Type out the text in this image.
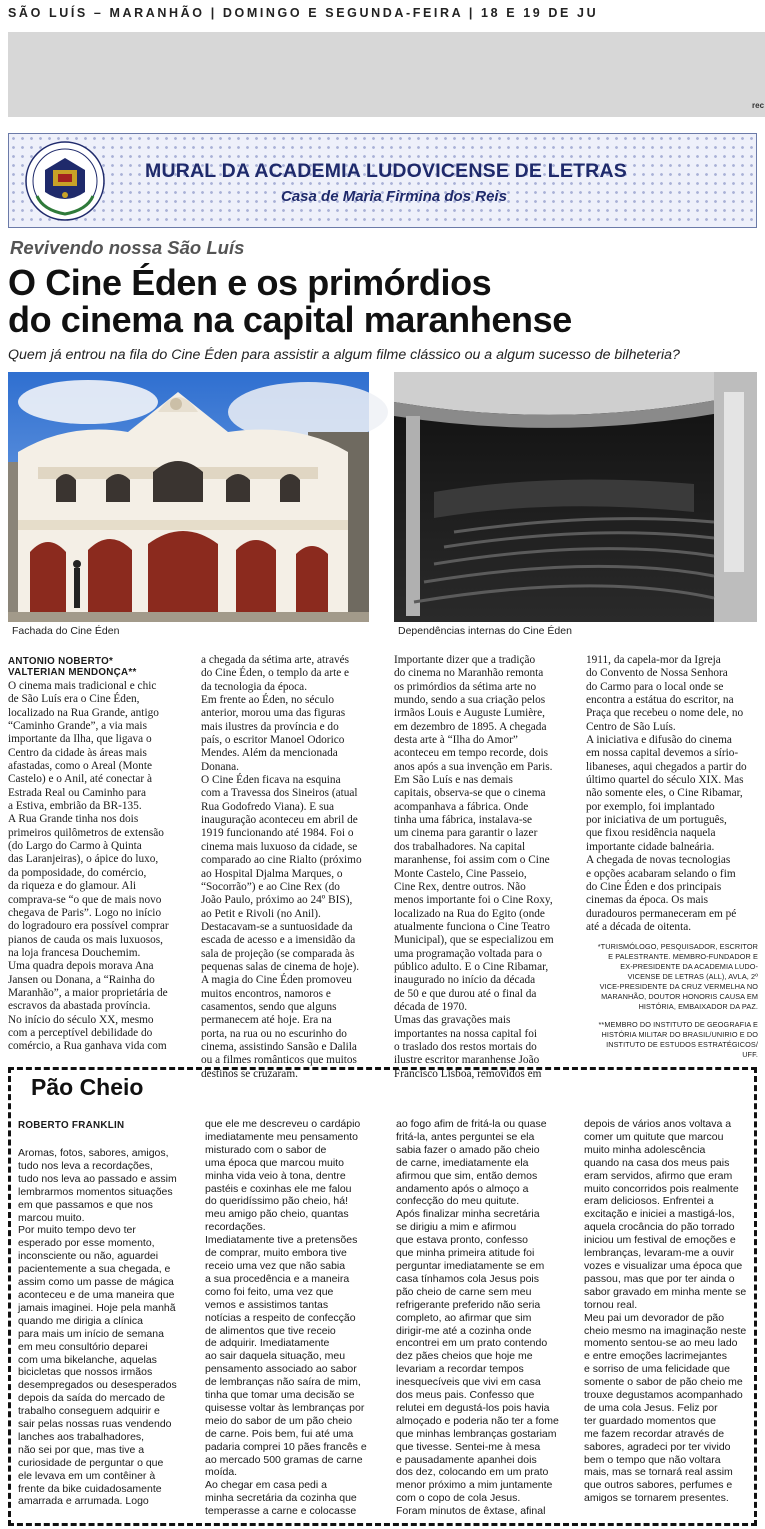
SÃO LUÍS – MARANHÃO | DOMINGO E SEGUNDA-FEIRA | 18 E 19 DE JU
rec
MURAL DA ACADEMIA LUDOVICENSE DE LETRAS
Casa de Maria Firmina dos Reis
Revivendo nossa São Luís
O Cine Éden e os primórdios
do cinema na capital maranhense
Quem já entrou na fila do Cine Éden para assistir a algum filme clássico ou a algum sucesso de bilheteria?
Fachada do Cine Éden	Dependências internas do Cine Éden

ANTONIO NOBERTO*

VALTERIAN MENDONÇA**

O cinema mais tradicional e chic

de São Luís era o Cine Éden,

localizado na Rua Grande, antigo

“Caminho Grande”, a via mais

importante da Ilha, que ligava o

Centro da cidade às áreas mais

afastadas, como o Areal (Monte

Castelo) e o Anil, até conectar à

Estrada Real ou Caminho para

a Estiva, embrião da BR-135.

A Rua Grande tinha nos dois

primeiros quilômetros de extensão

(do Largo do Carmo à Quinta

das Laranjeiras), o ápice do luxo,

da pomposidade, do comércio,

da riqueza e do glamour. Ali

comprava-se “o que de mais novo

chegava de Paris”. Logo no início

do logradouro era possível comprar

pianos de cauda os mais luxuosos,

na loja francesa Douchemim.

Uma quadra depois morava Ana

Jansen ou Donana, a “Rainha do

Maranhão”, a maior proprietária de

escravos da abastada província.

No início do século XX, mesmo

com a perceptível debilidade do

comércio, a Rua ganhava vida com

a chegada da sétima arte, através

do Cine Éden, o templo da arte e

da tecnologia da época.

Em frente ao Éden, no século

anterior, morou uma das figuras

mais ilustres da província e do

país, o escritor Manoel Odorico

Mendes. Além da mencionada

Donana.

O Cine Éden ficava na esquina

com a Travessa dos Sineiros (atual

Rua Godofredo Viana). E sua

inauguração aconteceu em abril de

1919 funcionando até 1984. Foi o

cinema mais luxuoso da cidade, se

comparado ao cine Rialto (próximo

ao Hospital Djalma Marques, o

“Socorrão”) e ao Cine Rex (do

João Paulo, próximo ao 24º BIS),

ao Petit e Rivoli (no Anil).

Destacavam-se a suntuosidade da

escada de acesso e a imensidão da

sala de projeção (se comparada às

pequenas salas de cinema de hoje).

A magia do Cine Éden promoveu

muitos encontros, namoros e

casamentos, sendo que alguns

permanecem até hoje. Era na

porta, na rua ou no escurinho do

cinema, assistindo Sansão e Dalila

ou a filmes românticos que muitos

destinos se cruzaram.

Importante dizer que a tradição

do cinema no Maranhão remonta

os primórdios da sétima arte no

mundo, sendo a sua criação pelos

irmãos Louis e Auguste Lumière,

em dezembro de 1895. A chegada

desta arte à “Ilha do Amor”

aconteceu em tempo recorde, dois

anos após a sua invenção em Paris.

Em São Luís e nas demais

capitais, observa-se que o cinema

acompanhava a fábrica. Onde

tinha uma fábrica, instalava-se

um cinema para garantir o lazer

dos trabalhadores. Na capital

maranhense, foi assim com o Cine

Monte Castelo, Cine Passeio,

Cine Rex, dentre outros. Não

menos importante foi o Cine Roxy,

localizado na Rua do Egito (onde

atualmente funciona o Cine Teatro

Municipal), que se especializou em

uma programação voltada para o

público adulto. E o Cine Ribamar,

inaugurado no início da década

de 50 e que durou até o final da

década de 1970.

Umas das gravações mais

importantes na nossa capital foi

o traslado dos restos mortais do

ilustre escritor maranhense João

Francisco Lisboa, removidos em

1911, da capela-mor da Igreja

do Convento de Nossa Senhora

do Carmo para o local onde se

encontra a estátua do escritor, na

Praça que recebeu o nome dele, no

Centro de São Luís.

A iniciativa e difusão do cinema

em nossa capital devemos a sírio-

libaneses, aqui chegados a partir do

último quartel do século XIX. Mas

não somente eles, o Cine Ribamar,

por exemplo, foi implantado

por iniciativa de um português,

que fixou residência naquela

importante cidade balneária.

A chegada de novas tecnologias

e opções acabaram selando o fim

do Cine Éden e dos principais

cinemas da época. Os mais

duradouros permaneceram em pé

até a década de oitenta.

*TURISMÓLOGO, PESQUISADOR, ESCRITOR

E PALESTRANTE. MEMBRO-FUNDADOR E

EX-PRESIDENTE DA ACADEMIA LUDO-

VICENSE DE LETRAS (ALL), AVLA, 2º

VICE-PRESIDENTE DA CRUZ VERMELHA NO

MARANHÃO, DOUTOR HONORIS CAUSA EM

HISTÓRIA, EMBAIXADOR DA PAZ.

**MEMBRO DO INSTITUTO DE GEOGRAFIA E

HISTÓRIA MILITAR DO BRASIL/UNIRIO E DO

INSTITUTO DE ESTUDOS ESTRATÉGICOS/

UFF.

Pão Cheio

ROBERTO FRANKLIN

Aromas, fotos, sabores, amigos,

tudo nos leva a recordações,

tudo nos leva ao passado e assim

lembrarmos momentos situações

em que passamos e que nos

marcou muito.

Por muito tempo devo ter

esperado por esse momento,

inconsciente ou não, aguardei

pacientemente a sua chegada, e

assim como um passe de mágica

aconteceu e de uma maneira que

jamais imaginei. Hoje pela manhã

quando me dirigia a clínica

para mais um início de semana

em meu consultório deparei

com uma bikelanche, aquelas

bicicletas que nossos irmãos

desempregados ou desesperados

depois da saída do mercado de

trabalho conseguem adquirir e

sair pelas nossas ruas vendendo

lanches aos trabalhadores,

não sei por que, mas tive a

curiosidade de perguntar o que

ele levava em um contêiner à

frente da bike cuidadosamente

amarrada e arrumada. Logo

que ele me descreveu o cardápio

imediatamente meu pensamento

misturado com o sabor de

uma época que marcou muito

minha vida veio à tona, dentre

pastéis e coxinhas ele me falou

do queridíssimo pão cheio, há!

meu amigo pão cheio, quantas

recordações.

Imediatamente tive a pretensões

de comprar, muito embora tive

receio uma vez que não sabia

a sua procedência e a maneira

como foi feito, uma vez que

vemos e assistimos tantas

notícias a respeito de confecção

de alimentos que tive receio

de adquirir. Imediatamente

ao sair daquela situação, meu

pensamento associado ao sabor

de lembranças não saíra de mim,

tinha que tomar uma decisão se

quisesse voltar às lembranças por

meio do sabor de um pão cheio

de carne. Pois bem, fui até uma

padaria comprei 10 pães francês e

ao mercado 500 gramas de carne

moída.

Ao chegar em casa pedi a

minha secretária da cozinha que

temperasse a carne e colocasse

ao fogo afim de fritá-la ou quase

fritá-la, antes perguntei se ela

sabia fazer o amado pão cheio

de carne, imediatamente ela

afirmou que sim, então demos

andamento após o almoço a

confecção do meu quitute.

Após finalizar minha secretária

se dirigiu a mim e afirmou

que estava pronto, confesso

que minha primeira atitude foi

perguntar imediatamente se em

casa tínhamos cola Jesus pois

pão cheio de carne sem meu

refrigerante preferido não seria

completo, ao afirmar que sim

dirigir-me até a cozinha onde

encontrei em um prato contendo

dez pães cheios que hoje me

levariam a recordar tempos

inesquecíveis que vivi em casa

dos meus pais. Confesso que

relutei em degustá-los pois havia

almoçado e poderia não ter a fome

que minhas lembranças gostariam

que tivesse. Sentei-me à mesa

e pausadamente apanhei dois

dos dez, colocando em um prato

menor próximo a mim juntamente

com o copo de cola Jesus.

Foram minutos de êxtase, afinal

depois de vários anos voltava a

comer um quitute que marcou

muito minha adolescência

quando na casa dos meus pais

eram servidos, afirmo que eram

muito concorridos pois realmente

eram deliciosos. Enfrentei a

excitação e iniciei a mastigá-los,

aquela crocância do pão torrado

iniciou um festival de emoções e

lembranças, levaram-me a ouvir

vozes e visualizar uma época que

passou, mas que por ter ainda o

sabor gravado em minha mente se

tornou real.

Meu pai um devorador de pão

cheio mesmo na imaginação neste

momento sentou-se ao meu lado

e entre emoções lacrimejantes

e sorriso de uma felicidade que

somente o sabor de pão cheio me

trouxe degustamos acompanhado

de uma cola Jesus. Feliz por

ter guardado momentos que

me fazem recordar através de

sabores, agradeci por ter vivido

bem o tempo que não voltara

mais, mas se tornará real assim

que outros sabores, perfumes e

amigos se tornarem presentes.
